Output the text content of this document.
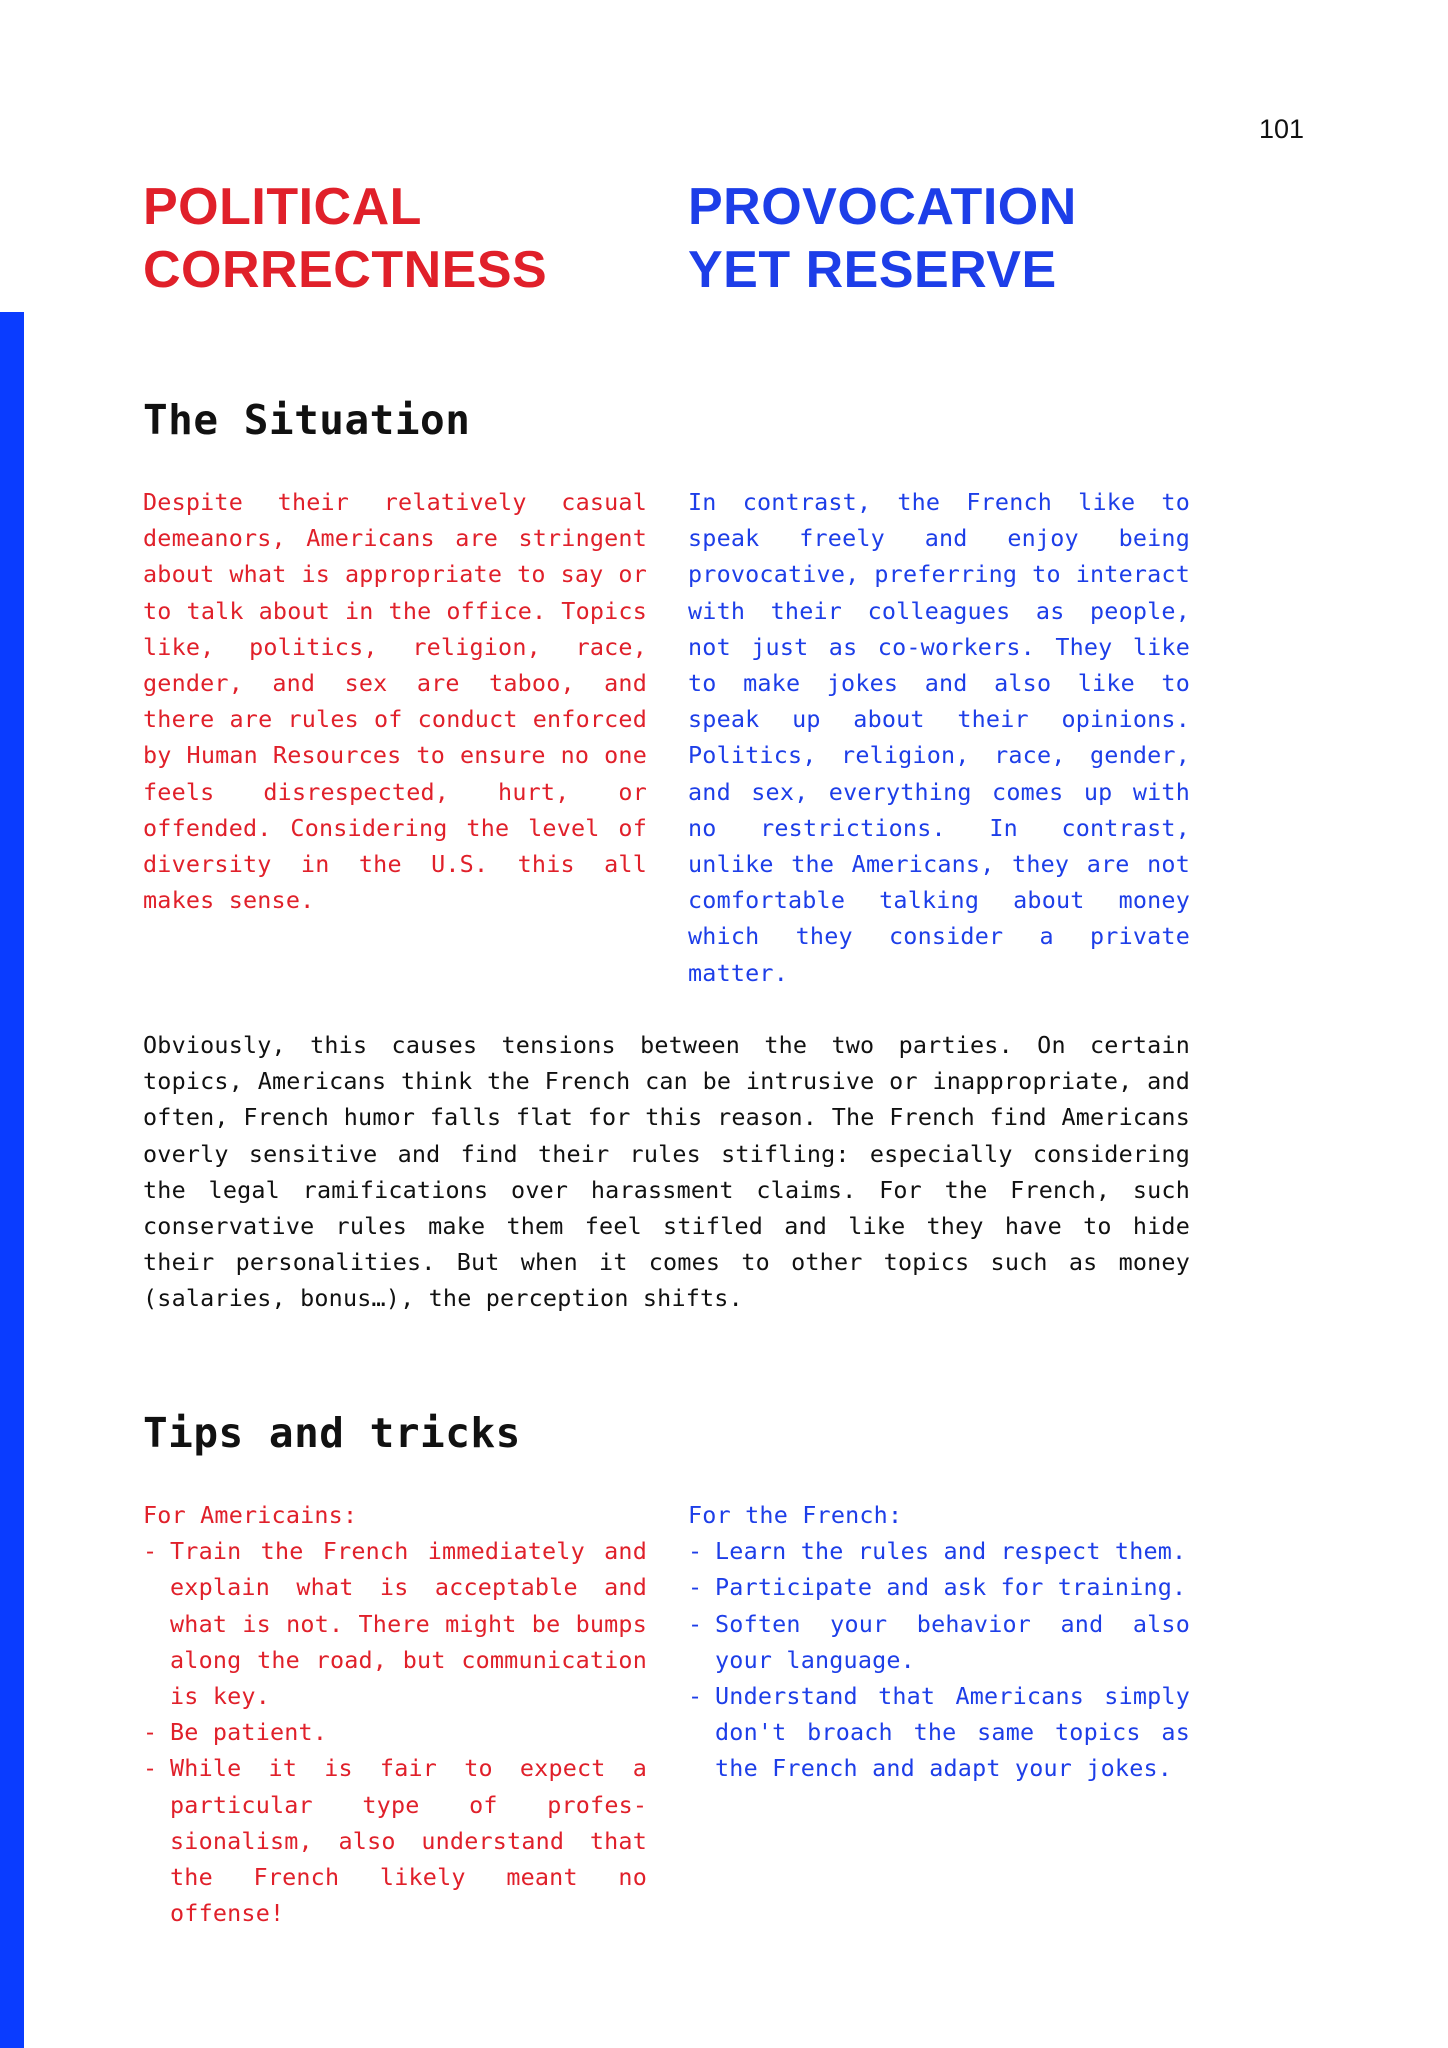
101
POLITICAL
CORRECTNESS
PROVOCATION
YET RESERVE
The Situation

Despite their relatively casual demeanors, Americans are stringent about what is appropriate to say or to talk about in the office. Topics like, politics, religion, race, gender, and sex are taboo, and there are rules of conduct enforced by Human Resources to ensure no one feels disrespected, hurt, or offended. Considering the level of diversity in the U.S. this all makes sense.

In contrast, the French like to speak freely and enjoy being provocative, preferring to interact with their colleagues as people, not just as co-workers. They like to make jokes and also like to speak up about their opinions. Politics, religion, race, gender, and sex, everything comes up with no restrictions. In contrast, unlike the Americans, they are not comfortable talking about money which they consider a private matter.

Obviously, this causes tensions between the two parties. On certain topics, Americans think the French can be intrusive or inappropriate, and often, French humor falls flat for this reason. The French find Americans overly sensitive and find their rules stifling: especially considering the legal ramifications over harassment claims. For the French, such conservative rules make them feel stifled and like they have to hide their personalities. But when it comes to other topics such as money (salaries, bonus…), the perception shifts.

Tips and tricks
For Americains:
- Train the French immediately and explain what is acceptable and what is not. There might be bumps along the road, but communication is key.
- Be patient.
- While it is fair to expect a particular type of professionalism, also understand that the French likely meant no offense!
For the French:
- Learn the rules and respect them.
- Participate and ask for training.
- Soften your behavior and also your language.
- Understand that Americans simply don't broach the same topics as the French and adapt your jokes.
